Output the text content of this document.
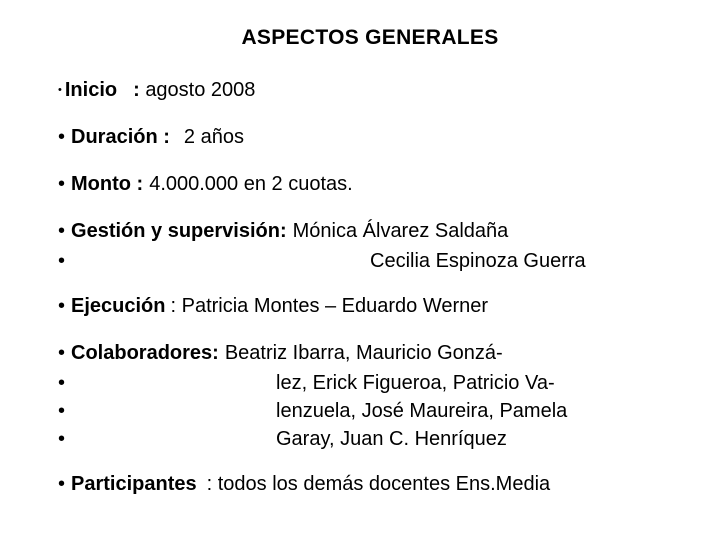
ASPECTOS GENERALES
• Inicio : agosto 2008
• Duración : 2 años
• Monto : 4.000.000 en 2 cuotas.
• Gestión y supervisión: Mónica Álvarez Saldaña
•	Cecilia Espinoza Guerra
• Ejecución : Patricia Montes – Eduardo Werner
• Colaboradores: Beatriz Ibarra, Mauricio Gonzá-
•	lez, Erick Figueroa, Patricio Va-
•	lenzuela, José Maureira, Pamela
•	Garay, Juan C. Henríquez
• Participantes : todos los demás docentes Ens.Media
